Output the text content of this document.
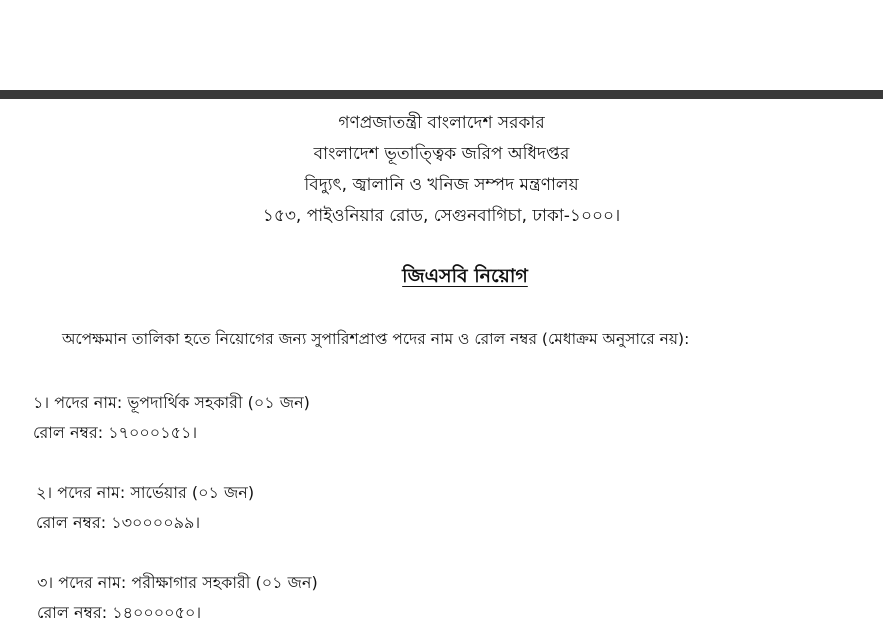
গণপ্রজাতন্ত্রী বাংলাদেশ সরকার
বাংলাদেশ ভূতাত্ত্বিক জরিপ অধিদপ্তর
বিদ্যুৎ, জ্বালানি ও খনিজ সম্পদ মন্ত্রণালয়
১৫৩, পাইওনিয়ার রোড, সেগুনবাগিচা, ঢাকা-১০০০।
জিএসবি নিয়োগ
অপেক্ষমান তালিকা হতে নিয়োগের জন্য সুপারিশপ্রাপ্ত পদের নাম ও রোল নম্বর (মেধাক্রম অনুসারে নয়):
১। পদের নাম: ভূপদার্থিক সহকারী (০১ জন)
রোল নম্বর: ১৭০০০১৫১।
২। পদের নাম: সার্ভেয়ার (০১ জন)
রোল নম্বর: ১৩০০০০৯৯।
৩। পদের নাম: পরীক্ষাগার সহকারী (০১ জন)
রোল নম্বর: ১৪০০০০৫০।
